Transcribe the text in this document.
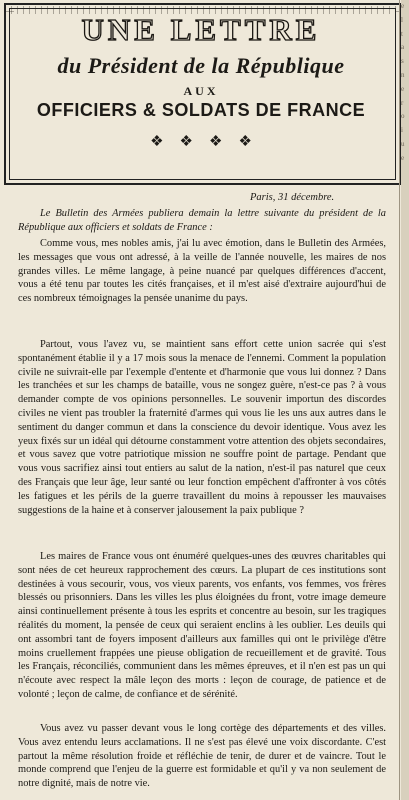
UNE LETTRE
du Président de la République
AUX
OFFICIERS & SOLDATS DE FRANCE
❖ ❖ ❖ ❖
Paris, 31 décembre.
Le Bulletin des Armées publiera demain la lettre suivante du président de la République aux officiers et soldats de France :
Comme vous, mes nobles amis, j'ai lu avec émotion, dans le Bulletin des Armées, les messages que vous ont adressé, à la veille de l'année nouvelle, les maires de nos grandes villes. Le même langage, à peine nuancé par quelques différences d'accent, vous a été tenu par toutes les cités françaises, et il m'est aisé d'extraire aujourd'hui de ces nombreux témoignages la pensée unanime du pays.
Partout, vous l'avez vu, se maintient sans effort cette union sacrée qui s'est spontanément établie il y a 17 mois sous la menace de l'ennemi. Comment la population civile ne suivrait-elle par l'exemple d'entente et d'harmonie que vous lui donnez ? Dans les tranchées et sur les champs de bataille, vous ne songez guère, n'est-ce pas ? à vous demander compte de vos opinions personnelles. Le souvenir importun des discordes civiles ne vient pas troubler la fraternité d'armes qui vous lie les uns aux autres dans le sentiment du danger commun et dans la conscience du devoir identique. Vous avez les yeux fixés sur un idéal qui détourne constamment votre attention des objets secondaires, et vous savez que votre patriotique mission ne souffre point de partage. Pendant que vous vous sacrifiez ainsi tout entiers au salut de la nation, n'est-il pas naturel que ceux des Français que leur âge, leur santé ou leur fonction empêchent d'affronter à vos côtés les fatigues et les périls de la guerre travaillent du moins à repousser les mauvaises suggestions de la haine et à conserver jalousement la paix publique ?
Les maires de France vous ont énuméré quelques-unes des œuvres charitables qui sont nées de cet heureux rapprochement des cœurs. La plupart de ces institutions sont destinées à vous secourir, vous, vos vieux parents, vos enfants, vos femmes, vos frères blessés ou prisonniers. Dans les villes les plus éloignées du front, votre image demeure ainsi continuellement présente à tous les esprits et concentre au besoin, sur les tragiques réalités du moment, la pensée de ceux qui seraient enclins à les oublier. Les deuils qui ont assombri tant de foyers imposent d'ailleurs aux familles qui ont le privilège d'être moins cruellement frappées une pieuse obligation de recueillement et de gravité. Tous les Français, réconciliés, communient dans les mêmes épreuves, et il n'en est pas un qui n'écoute avec respect la mâle leçon des morts : leçon de courage, de patience et de volonté ; leçon de calme, de confiance et de sérénité.
Vous avez vu passer devant vous le long cortège des départements et des villes. Vous avez entendu leurs acclamations. Il ne s'est pas élevé une voix discordante. C'est partout la même résolution froide et réfléchie de tenir, de durer et de vaincre. Tout le monde comprend que l'enjeu de la guerre est formidable et qu'il y va non seulement de notre dignité, mais de notre vie.
e
l
t
a
s
n
e
r
o
i
u
e
